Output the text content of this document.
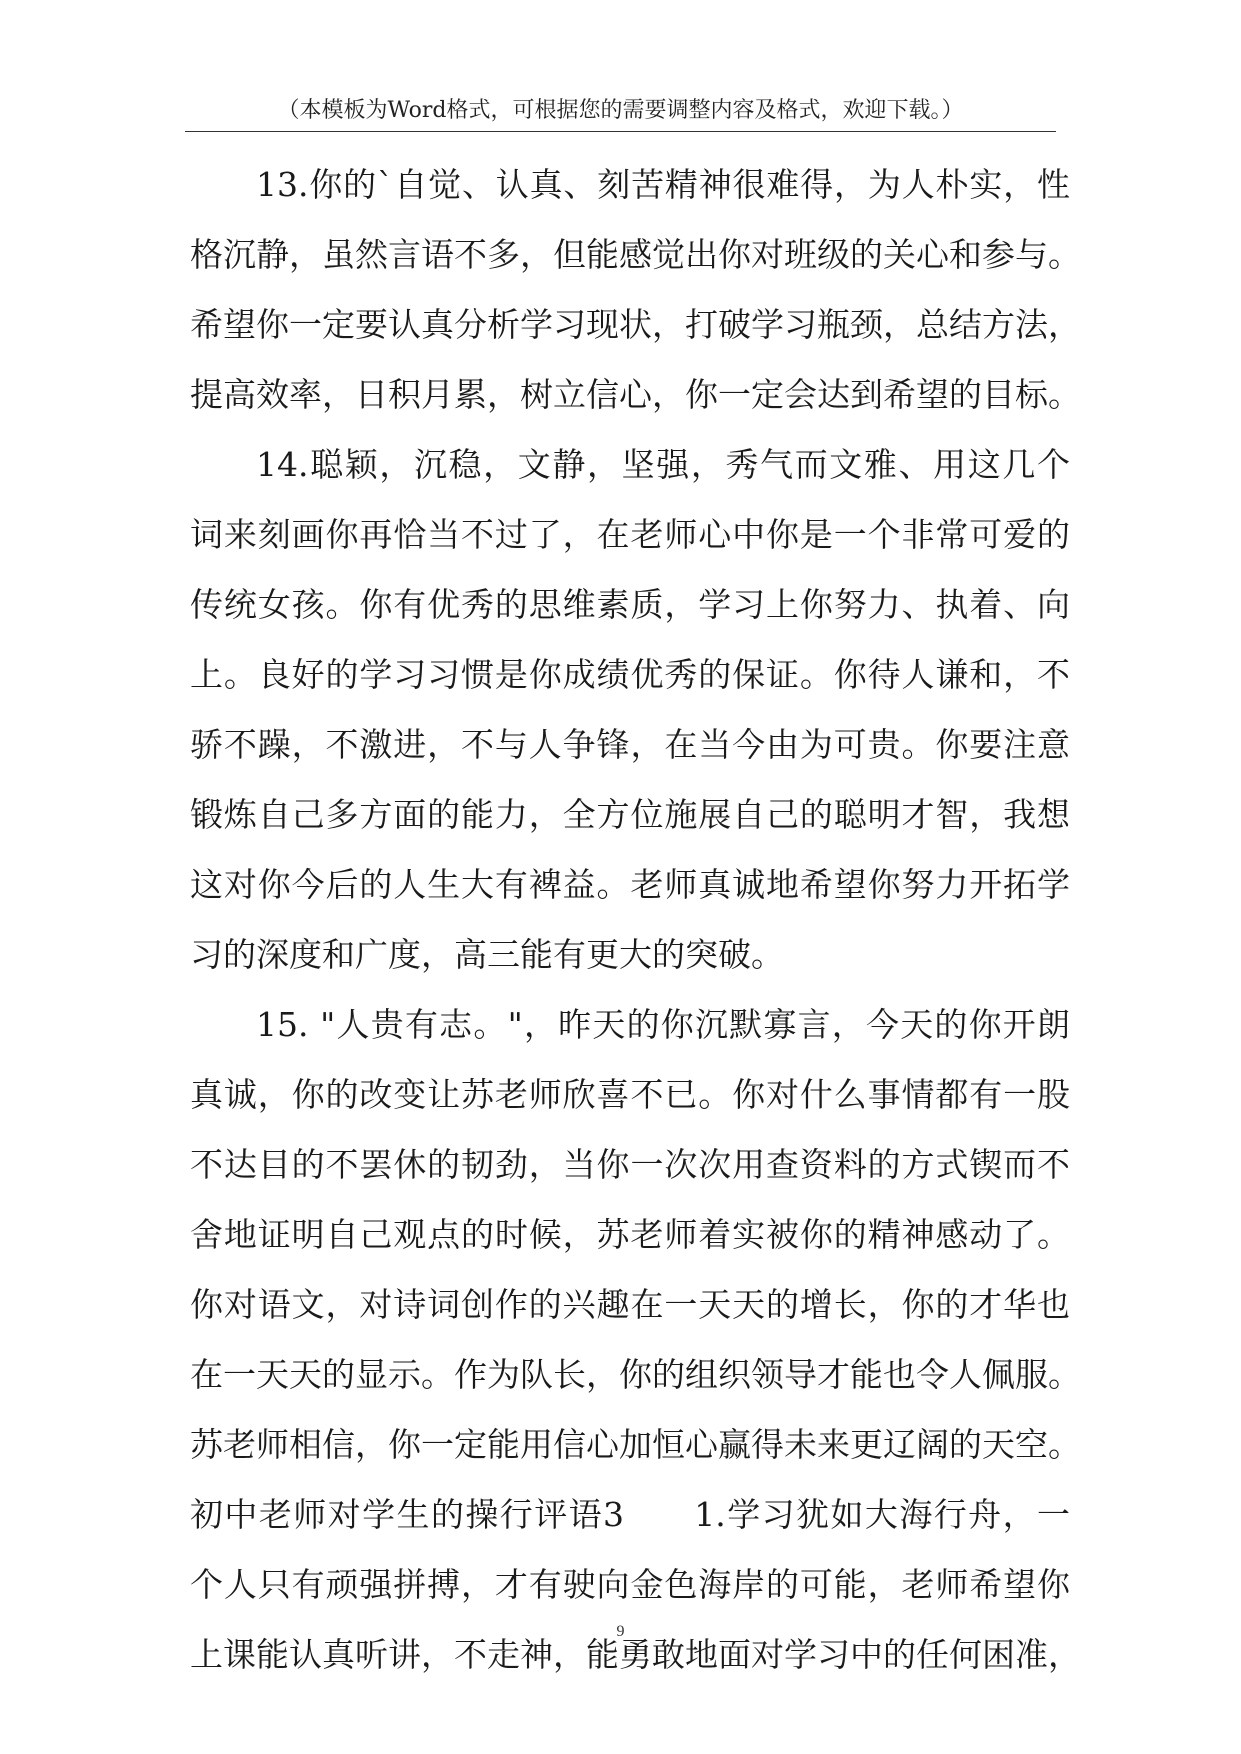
（本模板为Word格式，可根据您的需要调整内容及格式，欢迎下载。）
13.你的`自觉、认真、刻苦精神很难得，为人朴实，性
格沉静，虽然言语不多，但能感觉出你对班级的关心和参与。
希望你一定要认真分析学习现状，打破学习瓶颈，总结方法，
提高效率，日积月累，树立信心，你一定会达到希望的目标。
14.聪颖，沉稳，文静，坚强，秀气而文雅、用这几个
词来刻画你再恰当不过了，在老师心中你是一个非常可爱的
传统女孩。你有优秀的思维素质，学习上你努力、执着、向
上。良好的学习习惯是你成绩优秀的保证。你待人谦和，不
骄不躁，不激进，不与人争锋，在当今由为可贵。你要注意
锻炼自己多方面的能力，全方位施展自己的聪明才智，我想
这对你今后的人生大有裨益。老师真诚地希望你努力开拓学
习的深度和广度，高三能有更大的突破。
15. "人贵有志。"，昨天的你沉默寡言，今天的你开朗
真诚，你的改变让苏老师欣喜不已。你对什么事情都有一股
不达目的不罢休的韧劲，当你一次次用查资料的方式锲而不
舍地证明自己观点的时候，苏老师着实被你的精神感动了。
你对语文，对诗词创作的兴趣在一天天的增长，你的才华也
在一天天的显示。作为队长，你的组织领导才能也令人佩服。
苏老师相信，你一定能用信心加恒心赢得未来更辽阔的天空。
初中老师对学生的操行评语3　　1.学习犹如大海行舟，一
个人只有顽强拼搏，才有驶向金色海岸的可能，老师希望你
上课能认真听讲，不走神，能勇敢地面对学习中的任何困准，
9
